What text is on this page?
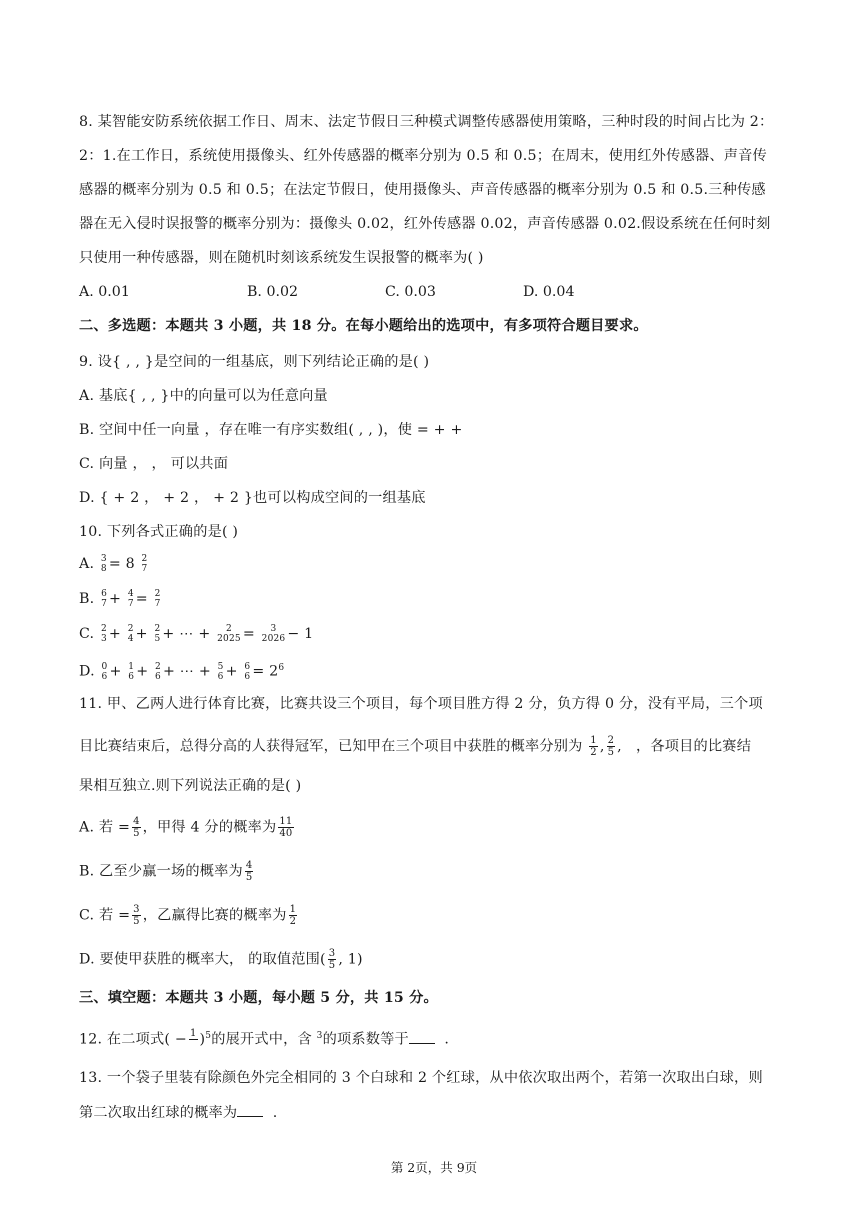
8. 某智能安防系统依据工作日、周末、法定节假日三种模式调整传感器使用策略，三种时段的时间占比为 2：
2：1.在工作日，系统使用摄像头、红外传感器的概率分别为 0.5 和 0.5；在周末，使用红外传感器、声音传
感器的概率分别为 0.5 和 0.5；在法定节假日，使用摄像头、声音传感器的概率分别为 0.5 和 0.5.三种传感
器在无入侵时误报警的概率分别为：摄像头 0.02，红外传感器 0.02，声音传感器 0.02.假设系统在任何时刻
只使用一种传感器，则在随机时刻该系统发生误报警的概率为( )
A. 0.01	B. 0.02	C. 0.03	D. 0.04
二、多选题：本题共 3 小题，共 18 分。在每小题给出的选项中，有多项符合题目要求。
9. 设{ , , }是空间的一组基底，则下列结论正确的是( )
A. 基底{ , , }中的向量可以为任意向量
B. 空间中任一向量 ，存在唯一有序实数组( , , )，使 = + +
C. 向量 ， ， 可以共面
D. { + 2 ， + 2 ， + 2 }也可以构成空间的一组基底
10. 下列各式正确的是( )
A. 3
8 = 8 2
7
B. 6
7 + 4
7 = 2
7
C. 2
3 + 2
4 + 2
5 + ⋯ +	2
2025 =	3
2026 − 1
D. 0
6 + 1
6 + 2
6 + ⋯ + 5
6 + 6
$6 = 2^6$
11. 甲、乙两人进行体育比赛，比赛共设三个项目，每个项目胜方得 2 分，负方得 0 分，没有平局，三个项
目比赛结束后，总得分高的人获得冠军，已知甲在三个项目中获胜的概率分别为 $\frac{1}{2}$ , $\frac{2}{5}$ ,   ，各项目的比赛结
果相互独立.则下列说法正确的是( )
A. 若 = $\frac{4}{5}$ ，甲得 4 分的概率为 $\frac{11}{40}$
B. 乙至少赢一场的概率为 $\frac{4}{5}$
C. 若 = $\frac{3}{5}$ ，乙赢得比赛的概率为 $\frac{1}{2}$
D. 要使甲获胜的概率大， 的取值范围( $\frac{3}{5}$ , 1)
三、填空题：本题共 3 小题，每小题 5 分，共 15 分。
12. 在二项式( − 1
)$^5$的展开式中，含 $^3$的项系数等于 .
13. 一个袋子里装有除颜色外完全相同的 3 个白球和 2 个红球，从中依次取出两个，若第一次取出白球，则
第二次取出红球的概率为 .
第 2页，共 9页
